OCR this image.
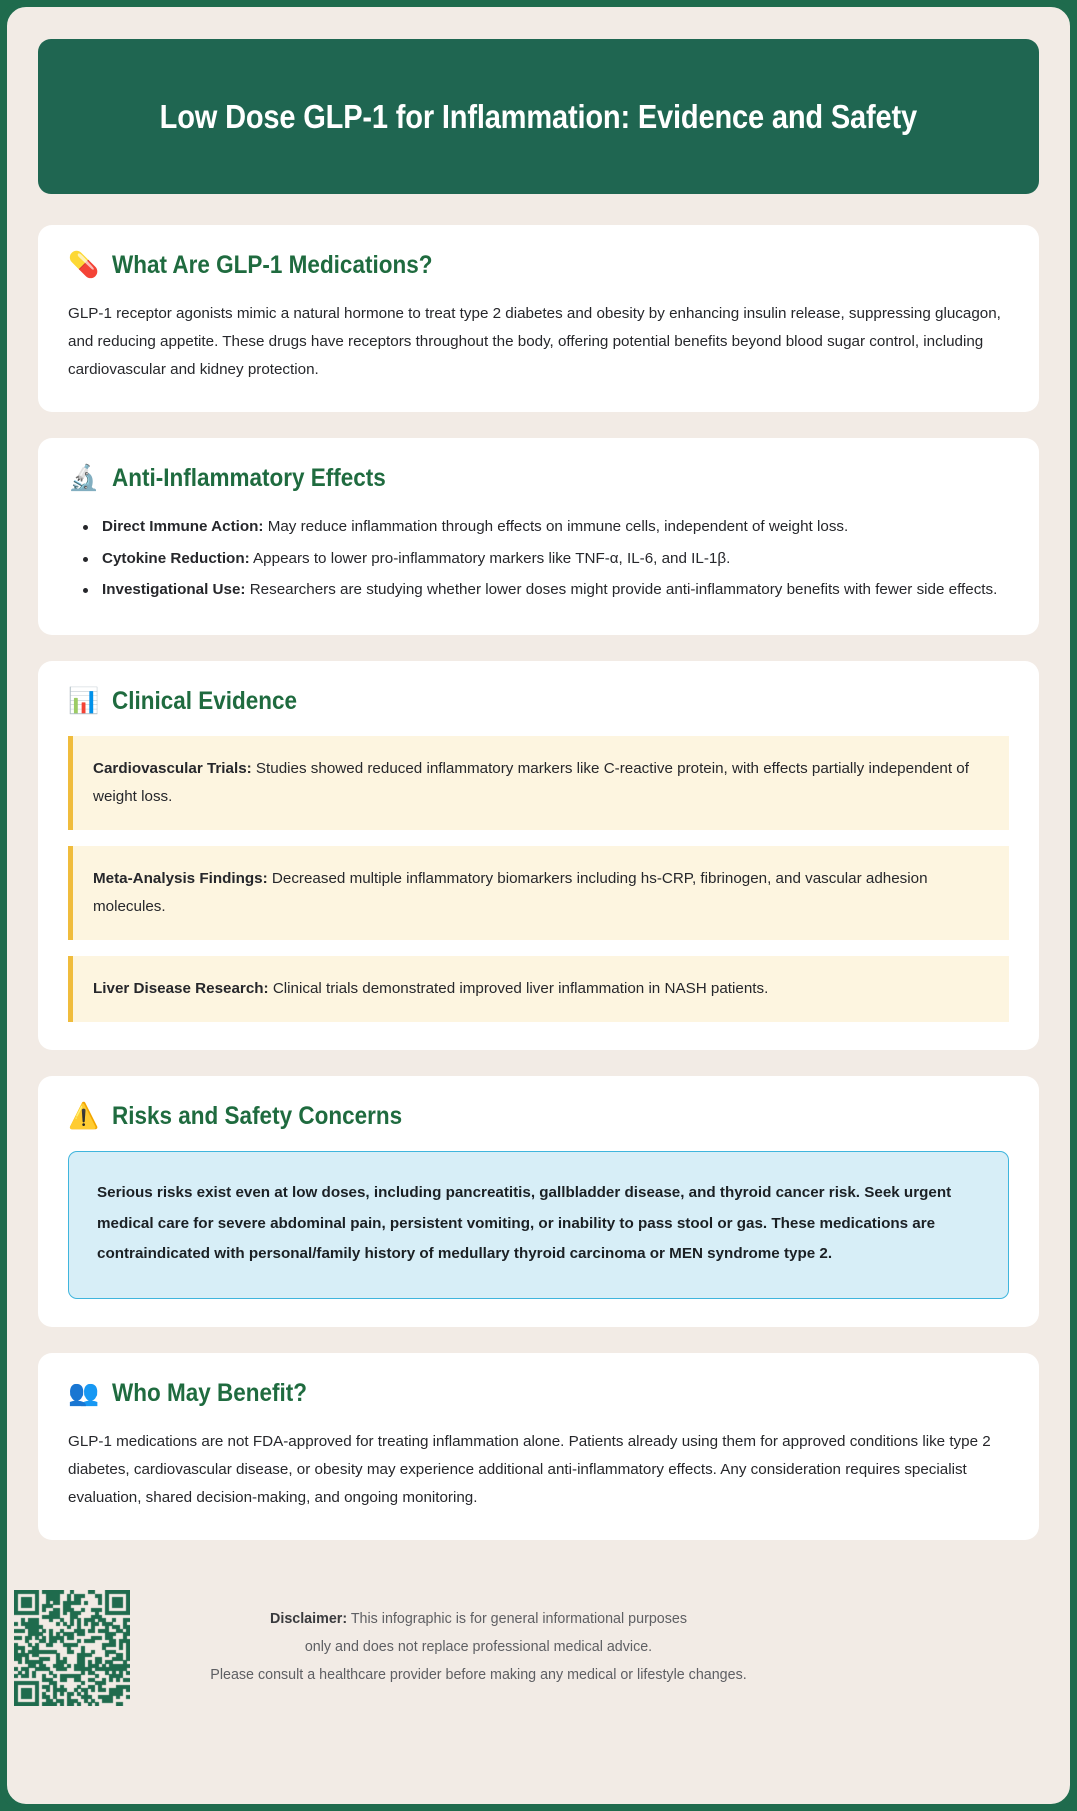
Low Dose GLP-1 for Inflammation: Evidence and Safety
💊 What Are GLP-1 Medications?
GLP-1 receptor agonists mimic a natural hormone to treat type 2 diabetes and obesity by enhancing insulin release, suppressing glucagon, and reducing appetite. These drugs have receptors throughout the body, offering potential benefits beyond blood sugar control, including cardiovascular and kidney protection.
🔬 Anti-Inflammatory Effects
Direct Immune Action: May reduce inflammation through effects on immune cells, independent of weight loss.
Cytokine Reduction: Appears to lower pro-inflammatory markers like TNF-α, IL-6, and IL-1β.
Investigational Use: Researchers are studying whether lower doses might provide anti-inflammatory benefits with fewer side effects.
📊 Clinical Evidence
Cardiovascular Trials: Studies showed reduced inflammatory markers like C-reactive protein, with effects partially independent of weight loss.
Meta-Analysis Findings: Decreased multiple inflammatory biomarkers including hs-CRP, fibrinogen, and vascular adhesion molecules.
Liver Disease Research: Clinical trials demonstrated improved liver inflammation in NASH patients.
⚠️ Risks and Safety Concerns
Serious risks exist even at low doses, including pancreatitis, gallbladder disease, and thyroid cancer risk. Seek urgent medical care for severe abdominal pain, persistent vomiting, or inability to pass stool or gas. These medications are contraindicated with personal/family history of medullary thyroid carcinoma or MEN syndrome type 2.
👥 Who May Benefit?
GLP-1 medications are not FDA-approved for treating inflammation alone. Patients already using them for approved conditions like type 2 diabetes, cardiovascular disease, or obesity may experience additional anti-inflammatory effects. Any consideration requires specialist evaluation, shared decision-making, and ongoing monitoring.
Disclaimer: This infographic is for general informational purposes
only and does not replace professional medical advice.
Please consult a healthcare provider before making any medical or lifestyle changes.
